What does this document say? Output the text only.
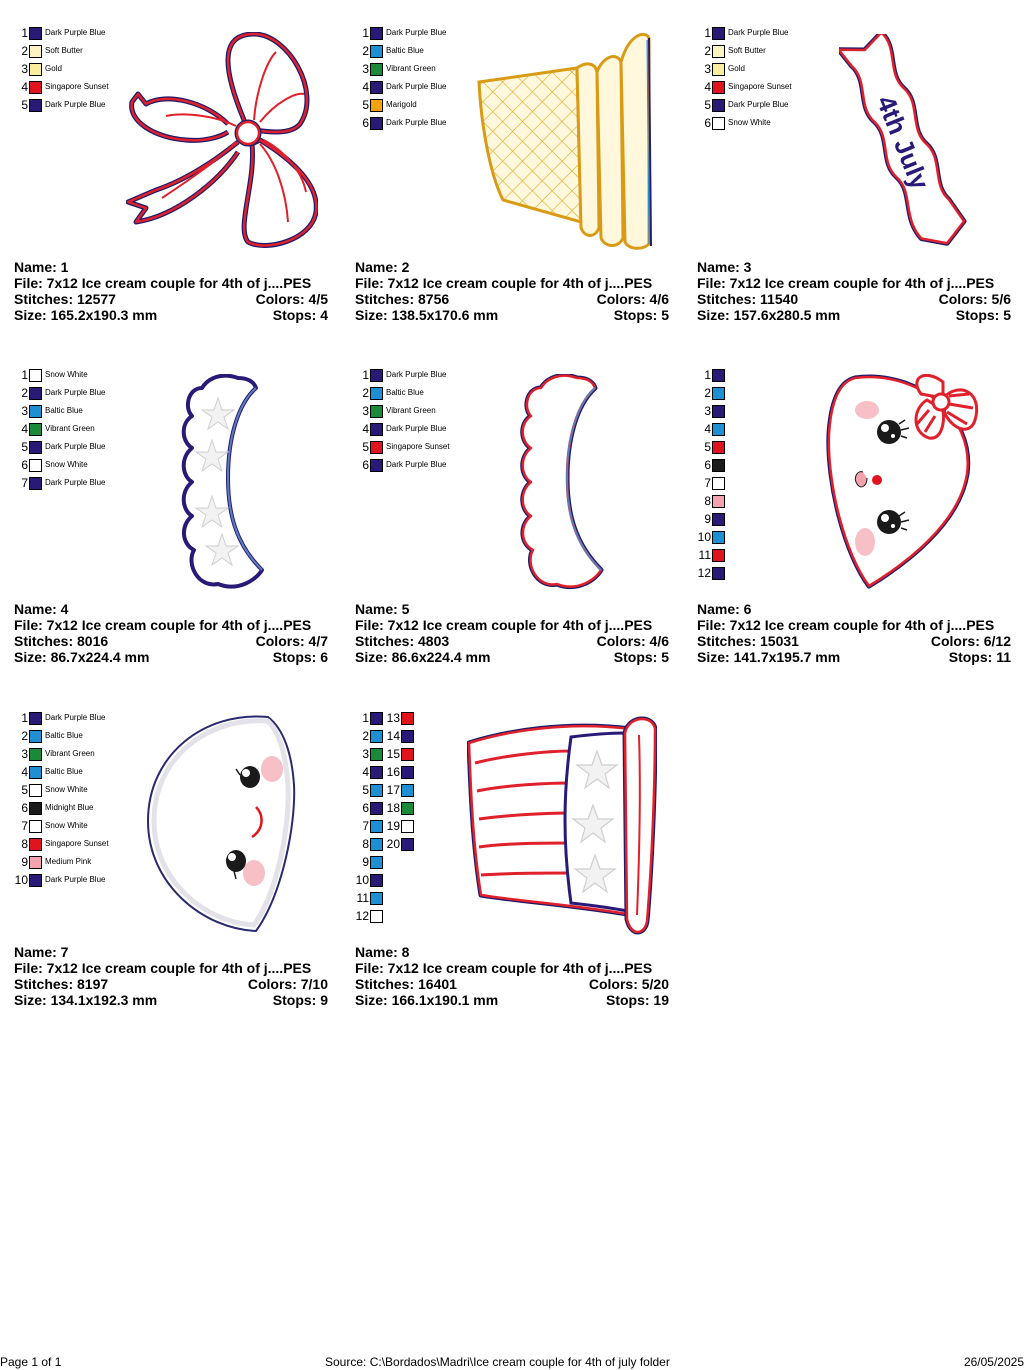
1 Dark Purple Blue
2 Soft Butter
3 Gold
4 Singapore Sunset
5 Dark Purple Blue
Name: 1
File: 7x12 Ice cream couple for 4th of j....PES
Stitches: 12577	Colors: 4/5
Size: 165.2x190.3 mm	Stops: 4
1 Dark Purple Blue
2 Baltic Blue
3 Vibrant Green
4 Dark Purple Blue
5 Marigold
6 Dark Purple Blue
Name: 2
File: 7x12 Ice cream couple for 4th of j....PES
Stitches: 8756	Colors: 4/6
Size: 138.5x170.6 mm	Stops: 5
1 Dark Purple Blue
2 Soft Butter
3 Gold
4 Singapore Sunset
5 Dark Purple Blue
6 Snow White	4th July
Name: 3
File: 7x12 Ice cream couple for 4th of j....PES
Stitches: 11540	Colors: 5/6
Size: 157.6x280.5 mm	Stops: 5
1 Snow White
2 Dark Purple Blue
3 Baltic Blue
4 Vibrant Green
5 Dark Purple Blue
6 Snow White
7 Dark Purple Blue
Name: 4
File: 7x12 Ice cream couple for 4th of j....PES
Stitches: 8016	Colors: 4/7
Size: 86.7x224.4 mm	Stops: 6
1 Dark Purple Blue
2 Baltic Blue
3 Vibrant Green
4 Dark Purple Blue
5 Singapore Sunset
6 Dark Purple Blue
Name: 5
File: 7x12 Ice cream couple for 4th of j....PES
Stitches: 4803	Colors: 4/6
Size: 86.6x224.4 mm	Stops: 5
1
2
3
4
5
6
7
8
9
10
11
12
Name: 6
File: 7x12 Ice cream couple for 4th of j....PES
Stitches: 15031	Colors: 6/12
Size: 141.7x195.7 mm	Stops: 11
1 Dark Purple Blue
2 Baltic Blue
3 Vibrant Green
4 Baltic Blue
5 Snow White
6 Midnight Blue
7 Snow White
8 Singapore Sunset
9 Medium Pink
10 Dark Purple Blue
Name: 7
File: 7x12 Ice cream couple for 4th of j....PES
Stitches: 8197	Colors: 7/10
Size: 134.1x192.3 mm	Stops: 9
1 13
2 14
3 15
4 16
5 17
6 18
7 19
8 20
9
10
11
12
Name: 8
File: 7x12 Ice cream couple for 4th of j....PES
Stitches: 16401	Colors: 5/20
Size: 166.1x190.1 mm	Stops: 19
Page 1 of 1	Source: C:\Bordados\Madri\Ice cream couple for 4th of july folder	26/05/2025
